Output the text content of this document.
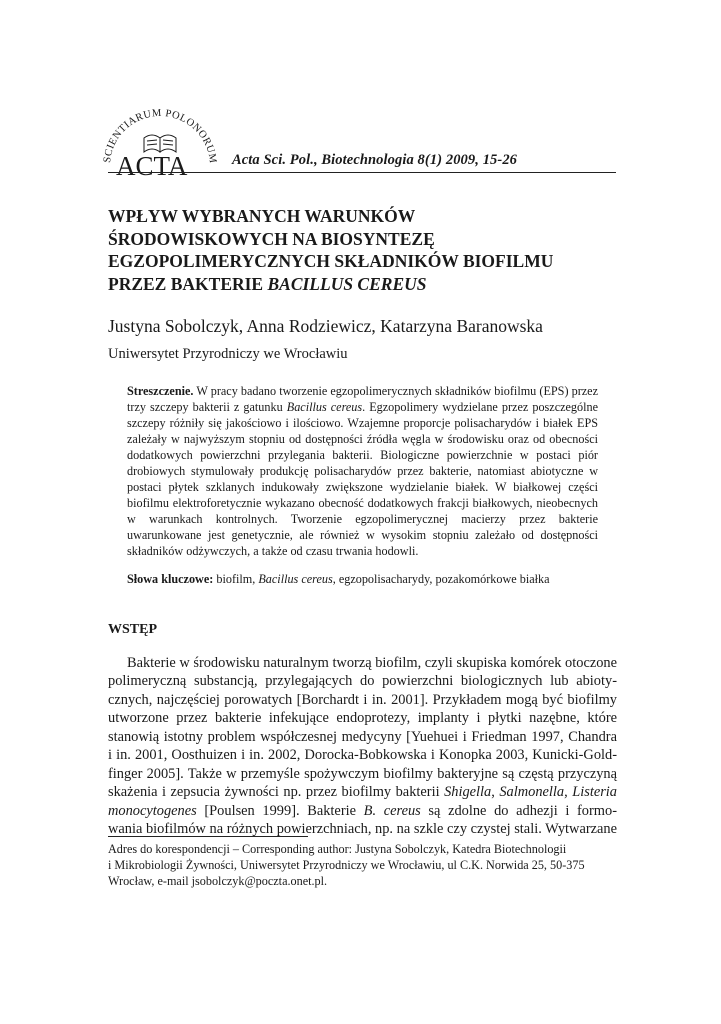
SCIENTIARUM POLONORUM
ACTA	Acta Sci. Pol., Biotechnologia 8(1) 2009, 15-26
WPŁYW WYBRANYCH WARUNKÓW
ŚRODOWISKOWYCH NA BIOSYNTEZĘ
EGZOPOLIMERYCZNYCH SKŁADNIKÓW BIOFILMU
PRZEZ BAKTERIE BACILLUS CEREUS
Justyna Sobolczyk, Anna Rodziewicz, Katarzyna Baranowska
Uniwersytet Przyrodniczy we Wrocławiu

Streszczenie. W pracy badano tworzenie egzopolimerycznych składników biofilmu (EPS) przez trzy szczepy bakterii z gatunku Bacillus cereus. Egzopolimery wydzielane przez poszczególne szczepy różniły się jakościowo i ilościowo. Wzajemne proporcje polisacharydów i białek EPS zależały w najwyższym stopniu od dostępności źródła węgla w środowisku oraz od obecności dodatkowych powierzchni przylegania bakterii. Biologiczne powierzchnie w postaci piór drobiowych stymulowały produkcję polisacharydów przez bakterie, natomiast abiotyczne w postaci płytek szklanych indukowały zwiększone wydzielanie białek. W białkowej części biofilmu elektroforetycznie wykazano obecność dodatkowych frakcji białkowych, nieobecnych w warunkach kontrolnych. Tworzenie egzopolimerycznej macierzy przez bakterie uwarunkowane jest genetycznie, ale również w wysokim stopniu zależało od dostępności składników odżywczych, a także od czasu trwania hodowli.

Słowa kluczowe: biofilm, Bacillus cereus, egzopolisacharydy, pozakomórkowe białka
WSTĘP
Bakterie w środowisku naturalnym tworzą biofilm, czyli skupiska komórek otoczone
polimeryczną substancją, przylegających do powierzchni biologicznych lub abioty-
cznych, najczęściej porowatych [Borchardt i in. 2001]. Przykładem mogą być biofilmy
utworzone przez bakterie infekujące endoprotezy, implanty i płytki nazębne, które
stanowią istotny problem współczesnej medycyny [Yuehuei i Friedman 1997, Chandra
i in. 2001, Oosthuizen i in. 2002, Dorocka-Bobkowska i Konopka 2003, Kunicki-Gold-
finger 2005]. Także w przemyśle spożywczym biofilmy bakteryjne są częstą przyczyną
skażenia i zepsucia żywności np. przez biofilmy bakterii Shigella, Salmonella, Listeria
monocytogenes [Poulsen 1999]. Bakterie B. cereus są zdolne do adhezji i formo-
wania biofilmów na różnych powierzchniach, np. na szkle czy czystej stali. Wytwarzane
Adres do korespondencji – Corresponding author: Justyna Sobolczyk, Katedra Biotechnologii
i Mikrobiologii Żywności, Uniwersytet Przyrodniczy we Wrocławiu, ul C.K. Norwida 25, 50-375
Wrocław, e-mail jsobolczyk@poczta.onet.pl.
